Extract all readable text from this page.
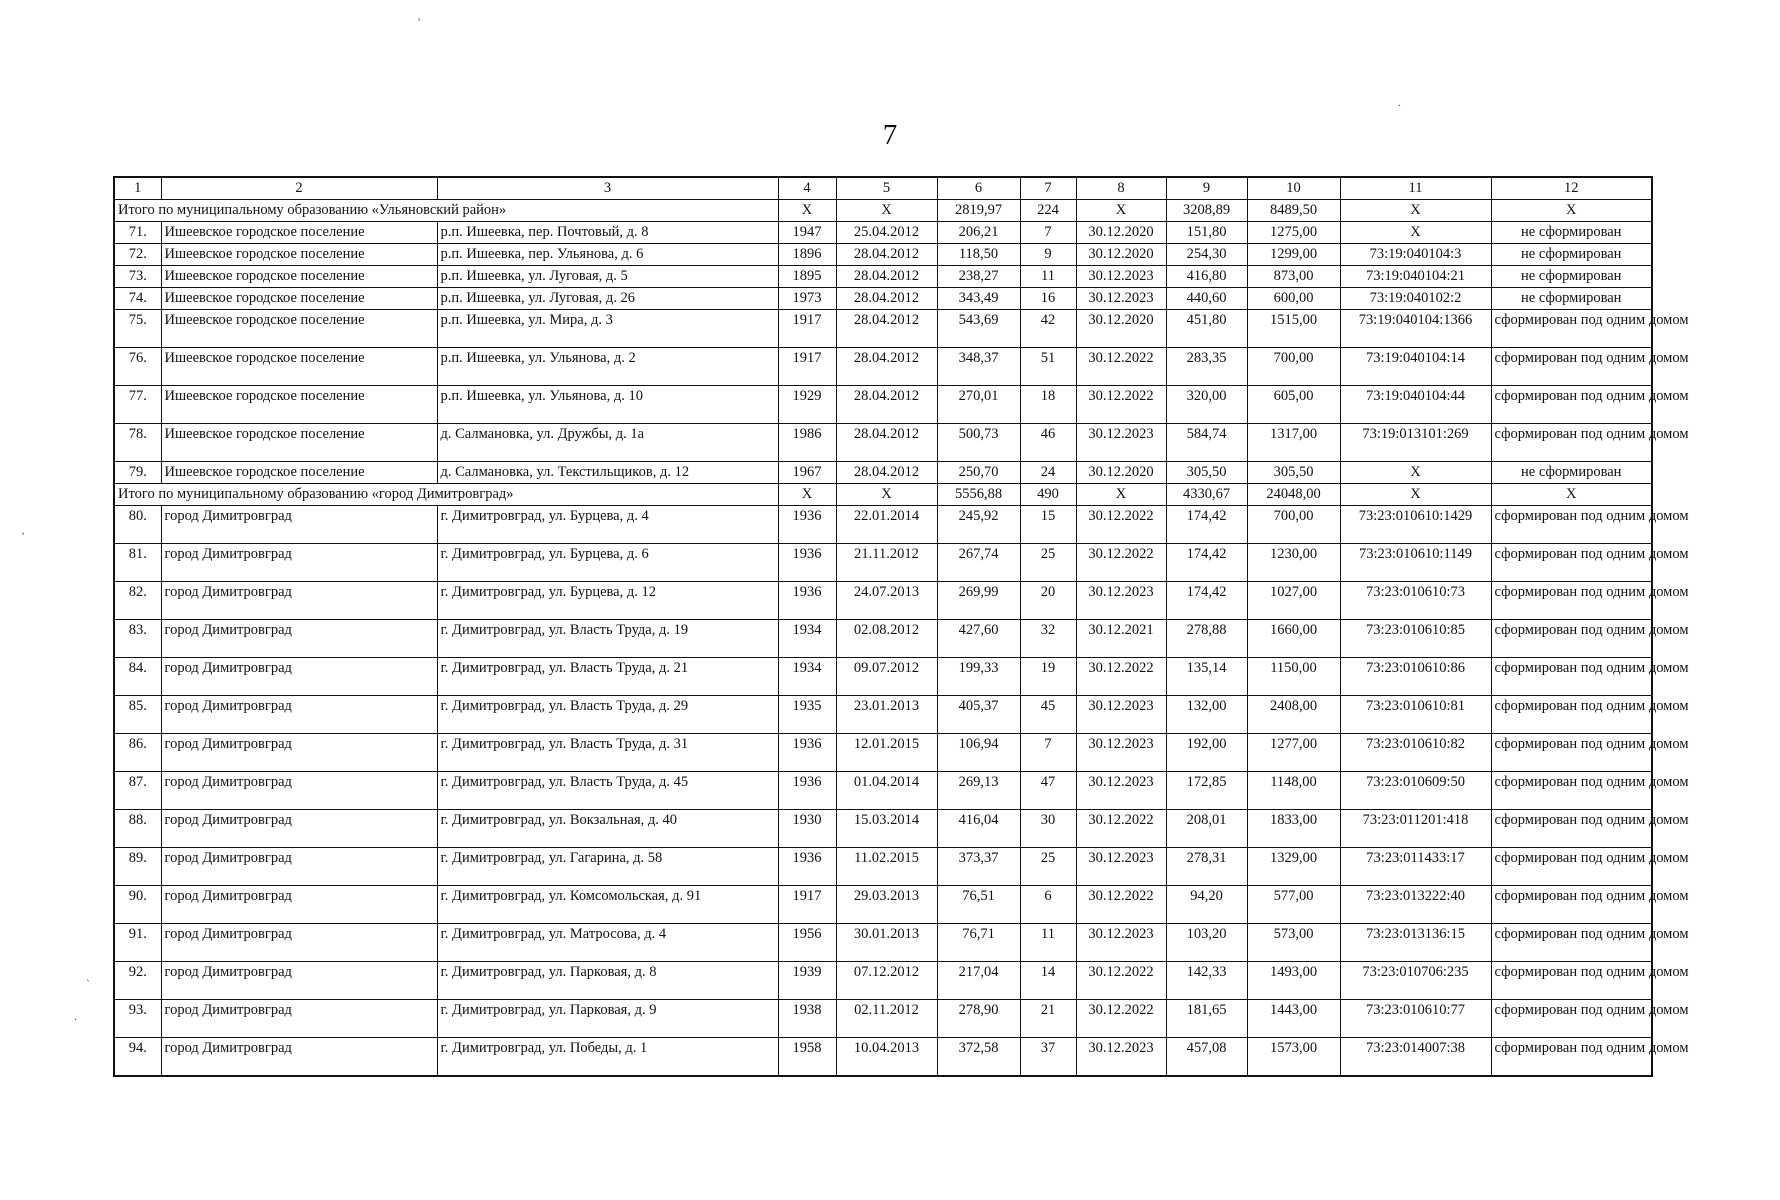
7
'
.
'
`
.
1	2	3	4	5	6	7	8	9	10	11	12
Итого по муниципальному образованию «Ульяновский район»			X	X	2819,97	224	X	3208,89	8489,50	X	X
71.	Ишеевское городское поселение	р.п. Ишеевка, пер. Почтовый, д. 8	1947	25.04.2012	206,21	7	30.12.2020	151,80	1275,00	X	не сформирован
72.	Ишеевское городское поселение	р.п. Ишеевка, пер. Ульянова, д. 6	1896	28.04.2012	118,50	9	30.12.2020	254,30	1299,00	73:19:040104:3	не сформирован
73.	Ишеевское городское поселение	р.п. Ишеевка, ул. Луговая, д. 5	1895	28.04.2012	238,27	11	30.12.2023	416,80	873,00	73:19:040104:21	не сформирован
74.	Ишеевское городское поселение	р.п. Ишеевка, ул. Луговая, д. 26	1973	28.04.2012	343,49	16	30.12.2023	440,60	600,00	73:19:040102:2	не сформирован
75.	Ишеевское городское поселение	р.п. Ишеевка, ул. Мира, д. 3	1917	28.04.2012	543,69	42	30.12.2020	451,80	1515,00	73:19:040104:1366	сформирован под одним домом
76.	Ишеевское городское поселение	р.п. Ишеевка, ул. Ульянова, д. 2	1917	28.04.2012	348,37	51	30.12.2022	283,35	700,00	73:19:040104:14	сформирован под одним домом
77.	Ишеевское городское поселение	р.п. Ишеевка, ул. Ульянова, д. 10	1929	28.04.2012	270,01	18	30.12.2022	320,00	605,00	73:19:040104:44	сформирован под одним домом
78.	Ишеевское городское поселение	д. Салмановка, ул. Дружбы, д. 1а	1986	28.04.2012	500,73	46	30.12.2023	584,74	1317,00	73:19:013101:269	сформирован под одним домом
79.	Ишеевское городское поселение	д. Салмановка, ул. Текстильщиков, д. 12	1967	28.04.2012	250,70	24	30.12.2020	305,50	305,50	X	не сформирован
Итого по муниципальному образованию «город Димитровград»			X	X	5556,88	490	X	4330,67	24048,00	X	X
80.	город Димитровград	г. Димитровград, ул. Бурцева, д. 4	1936	22.01.2014	245,92	15	30.12.2022	174,42	700,00	73:23:010610:1429	сформирован под одним домом
81.	город Димитровград	г. Димитровград, ул. Бурцева, д. 6	1936	21.11.2012	267,74	25	30.12.2022	174,42	1230,00	73:23:010610:1149	сформирован под одним домом
82.	город Димитровград	г. Димитровград, ул. Бурцева, д. 12	1936	24.07.2013	269,99	20	30.12.2023	174,42	1027,00	73:23:010610:73	сформирован под одним домом
83.	город Димитровград	г. Димитровград, ул. Власть Труда, д. 19	1934	02.08.2012	427,60	32	30.12.2021	278,88	1660,00	73:23:010610:85	сформирован под одним домом
84.	город Димитровград	г. Димитровград, ул. Власть Труда, д. 21	1934	09.07.2012	199,33	19	30.12.2022	135,14	1150,00	73:23:010610:86	сформирован под одним домом
85.	город Димитровград	г. Димитровград, ул. Власть Труда, д. 29	1935	23.01.2013	405,37	45	30.12.2023	132,00	2408,00	73:23:010610:81	сформирован под одним домом
86.	город Димитровград	г. Димитровград, ул. Власть Труда, д. 31	1936	12.01.2015	106,94	7	30.12.2023	192,00	1277,00	73:23:010610:82	сформирован под одним домом
87.	город Димитровград	г. Димитровград, ул. Власть Труда, д. 45	1936	01.04.2014	269,13	47	30.12.2023	172,85	1148,00	73:23:010609:50	сформирован под одним домом
88.	город Димитровград	г. Димитровград, ул. Вокзальная, д. 40	1930	15.03.2014	416,04	30	30.12.2022	208,01	1833,00	73:23:011201:418	сформирован под одним домом
89.	город Димитровград	г. Димитровград, ул. Гагарина, д. 58	1936	11.02.2015	373,37	25	30.12.2023	278,31	1329,00	73:23:011433:17	сформирован под одним домом
90.	город Димитровград	г. Димитровград, ул. Комсомольская, д. 91	1917	29.03.2013	76,51	6	30.12.2022	94,20	577,00	73:23:013222:40	сформирован под одним домом
91.	город Димитровград	г. Димитровград, ул. Матросова, д. 4	1956	30.01.2013	76,71	11	30.12.2023	103,20	573,00	73:23:013136:15	сформирован под одним домом
92.	город Димитровград	г. Димитровград, ул. Парковая, д. 8	1939	07.12.2012	217,04	14	30.12.2022	142,33	1493,00	73:23:010706:235	сформирован под одним домом
93.	город Димитровград	г. Димитровград, ул. Парковая, д. 9	1938	02.11.2012	278,90	21	30.12.2022	181,65	1443,00	73:23:010610:77	сформирован под одним домом
94.	город Димитровград	г. Димитровград, ул. Победы, д. 1	1958	10.04.2013	372,58	37	30.12.2023	457,08	1573,00	73:23:014007:38	сформирован под одним домом
